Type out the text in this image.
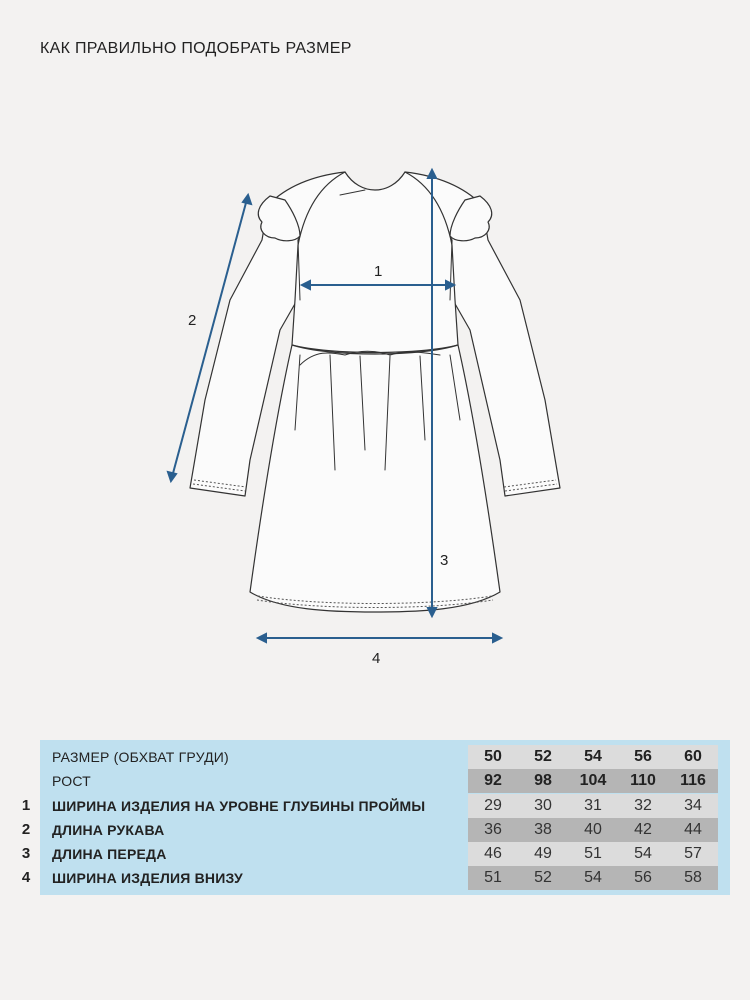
КАК ПРАВИЛЬНО ПОДОБРАТЬ РАЗМЕР
1
2
3
4
РАЗМЕР (ОБХВАТ ГРУДИ)	50	52	54	56	60
РОСТ	92	98	104	110	116
1	ШИРИНА ИЗДЕЛИЯ НА УРОВНЕ ГЛУБИНЫ ПРОЙМЫ	29	30	31	32	34
2	ДЛИНА РУКАВА	36	38	40	42	44
3	ДЛИНА ПЕРЕДА	46	49	51	54	57
4	ШИРИНА ИЗДЕЛИЯ ВНИЗУ	51	52	54	56	58
